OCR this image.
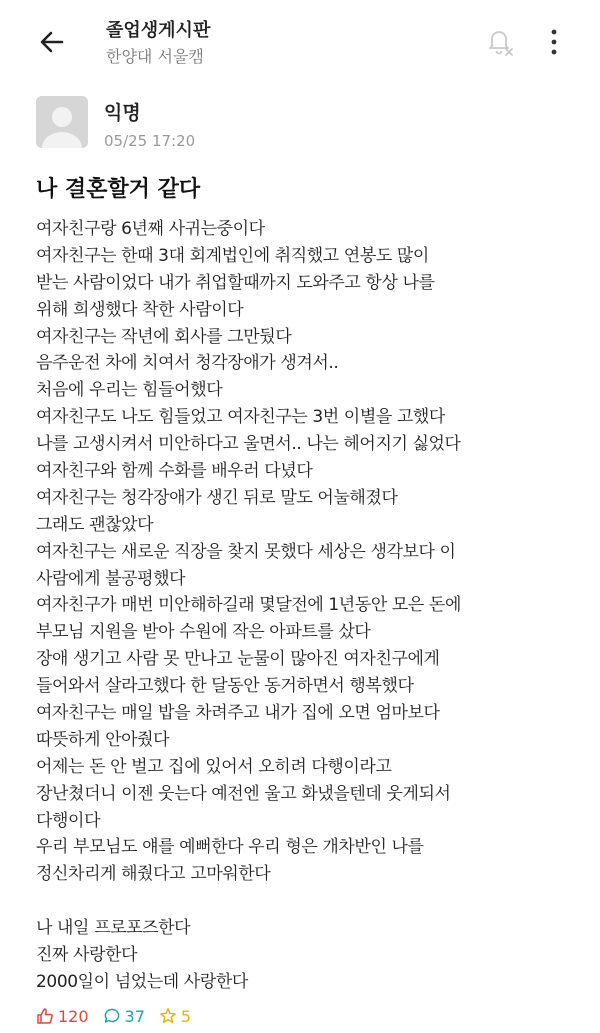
졸업생게시판
한양대 서울캠
익명
05/25 17:20
나 결혼할거 같다
여자친구랑 6년째 사귀는중이다
여자친구는 한때 3대 회계법인에 취직했고 연봉도 많이
받는 사람이었다 내가 취업할때까지 도와주고 항상 나를
위해 희생했다 착한 사람이다
여자친구는 작년에 회사를 그만뒀다
음주운전 차에 치여서 청각장애가 생겨서..
처음에 우리는 힘들어했다
여자친구도 나도 힘들었고 여자친구는 3번 이별을 고했다
나를 고생시켜서 미안하다고 울면서.. 나는 헤어지기 싫었다
여자친구와 함께 수화를 배우러 다녔다
여자친구는 청각장애가 생긴 뒤로 말도 어눌해졌다
그래도 괜찮았다
여자친구는 새로운 직장을 찾지 못했다 세상은 생각보다 이
사람에게 불공평했다
여자친구가 매번 미안해하길래 몇달전에 1년동안 모은 돈에
부모님 지원을 받아 수원에 작은 아파트를 샀다
장애 생기고 사람 못 만나고 눈물이 많아진 여자친구에게
들어와서 살라고했다 한 달동안 동거하면서 행복했다
여자친구는 매일 밥을 차려주고 내가 집에 오면 엄마보다
따뜻하게 안아줬다
어제는 돈 안 벌고 집에 있어서 오히려 다행이라고
장난쳤더니 이젠 웃는다 예전엔 울고 화냈을텐데 웃게되서
다행이다
우리 부모님도 얘를 예뻐한다 우리 형은 개차반인 나를
정신차리게 해줬다고 고마워한다
나 내일 프로포즈한다
진짜 사랑한다
2000일이 넘었는데 사랑한다
120 37 5
